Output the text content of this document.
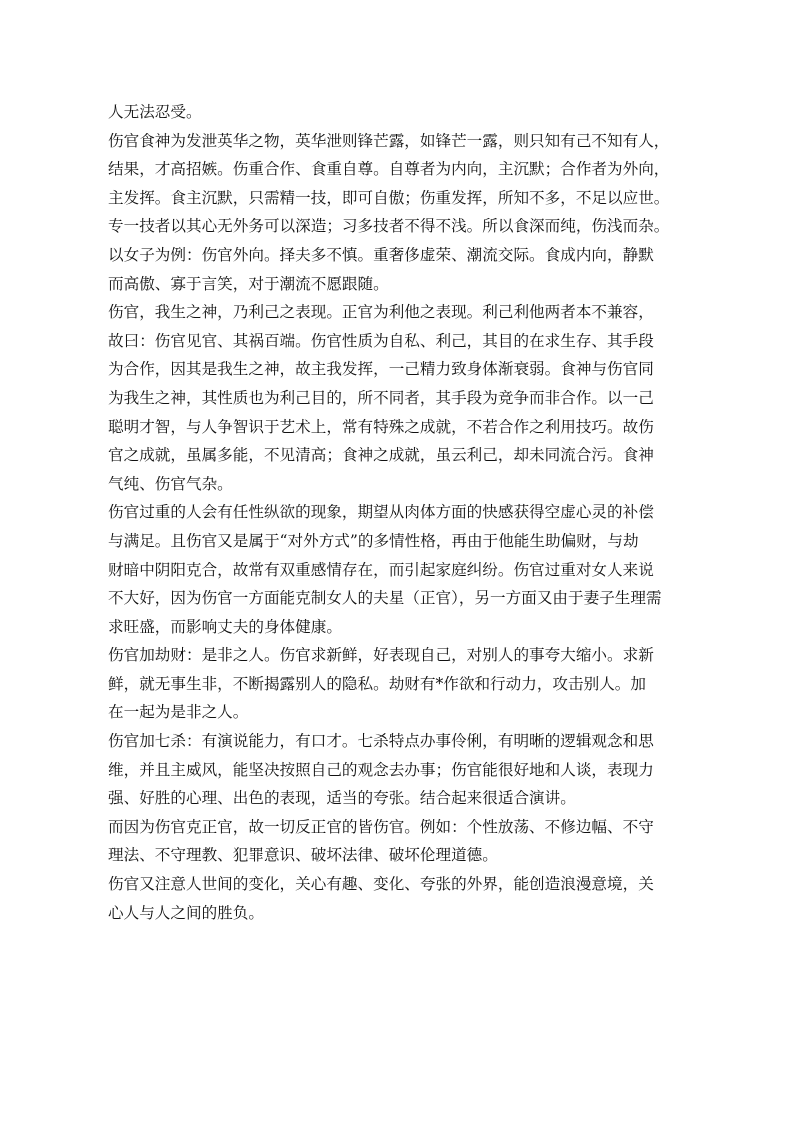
人无法忍受。

伤官食神为发泄英华之物，英华泄则锋芒露，如锋芒一露，则只知有己不知有人，
结果，才高招嫉。伤重合作、食重自尊。自尊者为内向，主沉默；合作者为外向，
主发挥。食主沉默，只需精一技，即可自傲；伤重发挥，所知不多，不足以应世。
专一技者以其心无外务可以深造；习多技者不得不浅。所以食深而纯，伤浅而杂。
以女子为例：伤官外向。择夫多不慎。重奢侈虚荣、潮流交际。食成内向，静默
而高傲、寡于言笑，对于潮流不愿跟随。

伤官，我生之神，乃利己之表现。正官为利他之表现。利己利他两者本不兼容，
故曰：伤官见官、其祸百端。伤官性质为自私、利己，其目的在求生存、其手段
为合作，因其是我生之神，故主我发挥，一己精力致身体渐衰弱。食神与伤官同
为我生之神，其性质也为利己目的，所不同者，其手段为竞争而非合作。以一己
聪明才智，与人争智识于艺术上，常有特殊之成就，不若合作之利用技巧。故伤
官之成就，虽属多能，不见清高；食神之成就，虽云利己，却未同流合污。食神
气纯、伤官气杂。

伤官过重的人会有任性纵欲的现象，期望从肉体方面的快感获得空虚心灵的补偿
与满足。且伤官又是属于“对外方式”的多情性格，再由于他能生助偏财，与劫
财暗中阴阳克合，故常有双重感情存在，而引起家庭纠纷。伤官过重对女人来说
不大好，因为伤官一方面能克制女人的夫星（正官），另一方面又由于妻子生理需
求旺盛，而影响丈夫的身体健康。

伤官加劫财：是非之人。伤官求新鲜，好表现自己，对别人的事夸大缩小。求新
鲜，就无事生非，不断揭露别人的隐私。劫财有*作欲和行动力，攻击别人。加
在一起为是非之人。

伤官加七杀：有演说能力，有口才。七杀特点办事伶俐，有明晰的逻辑观念和思
维，并且主威风，能坚决按照自己的观念去办事；伤官能很好地和人谈，表现力
强、好胜的心理、出色的表现，适当的夸张。结合起来很适合演讲。

而因为伤官克正官，故一切反正官的皆伤官。例如：个性放荡、不修边幅、不守
理法、不守理教、犯罪意识、破坏法律、破坏伦理道德。

伤官又注意人世间的变化，关心有趣、变化、夸张的外界，能创造浪漫意境，关
心人与人之间的胜负。
